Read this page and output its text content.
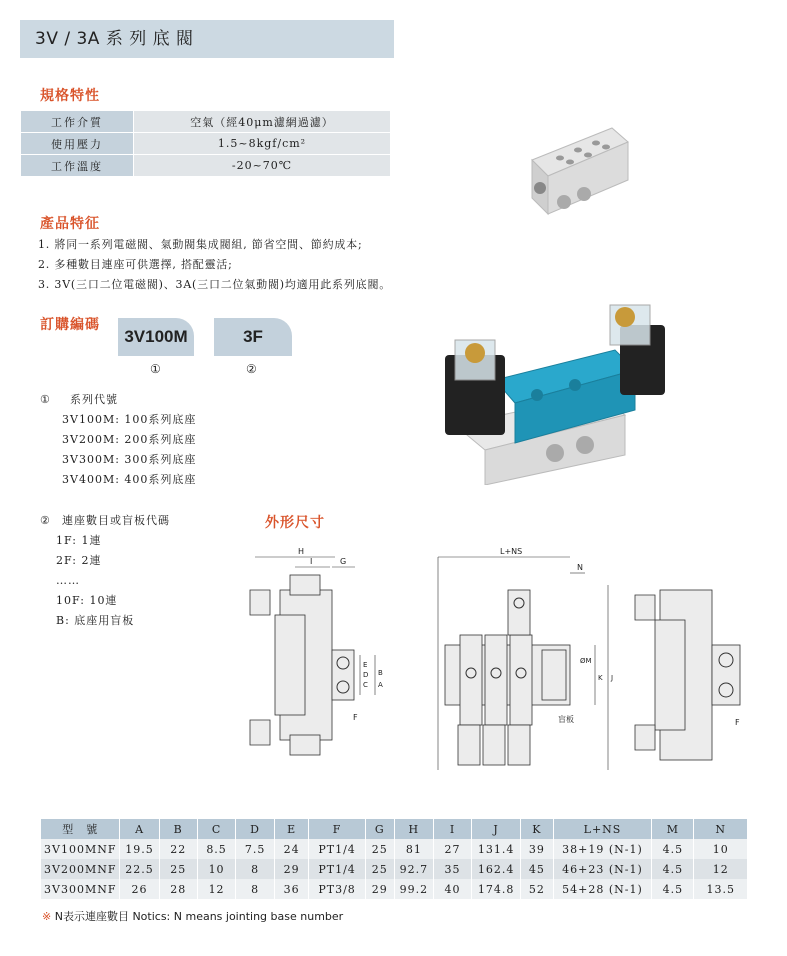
3V / 3A 系 列 底 閥
規格特性
工作介質	空氣（經40μm濾網過濾）
使用壓力	1.5~8kgf/cm²
工作溫度	-20~70℃
產品特征
1. 將同一系列電磁閥、氣動閥集成閥組, 節省空間、節約成本;
2. 多種數目連座可供選擇, 搭配靈活;
3. 3V(三口二位電磁閥)、3A(三口二位氣動閥)均適用此系列底閥。
訂購編碼
3V100M	3F
①	②
① 系列代號
3V100M: 100系列底座
3V200M: 200系列底座
3V300M: 300系列底座
3V400M: 400系列底座
② 連座數目或盲板代碼
1F: 1連
2F: 2連
……
10F: 10連
B: 底座用盲板
外形尺寸
H
I	G
E
D
C
B
A
F
L+NS
N
ØM
K J
盲板	F
型　號	A	B	C	D	E	F	G	H	I	J	K	L+NS	M	N
3V100MNF	19.5	22	8.5	7.5	24	PT1/4	25	81	27	131.4	39	38+19 (N-1)	4.5	10
3V200MNF	22.5	25	10	8	29	PT1/4	25	92.7	35	162.4	45	46+23 (N-1)	4.5	12
3V300MNF	26	28	12	8	36	PT3/8	29	99.2	40	174.8	52	54+28 (N-1)	4.5	13.5
※ N表示連座數目 Notics: N means jointing base number
